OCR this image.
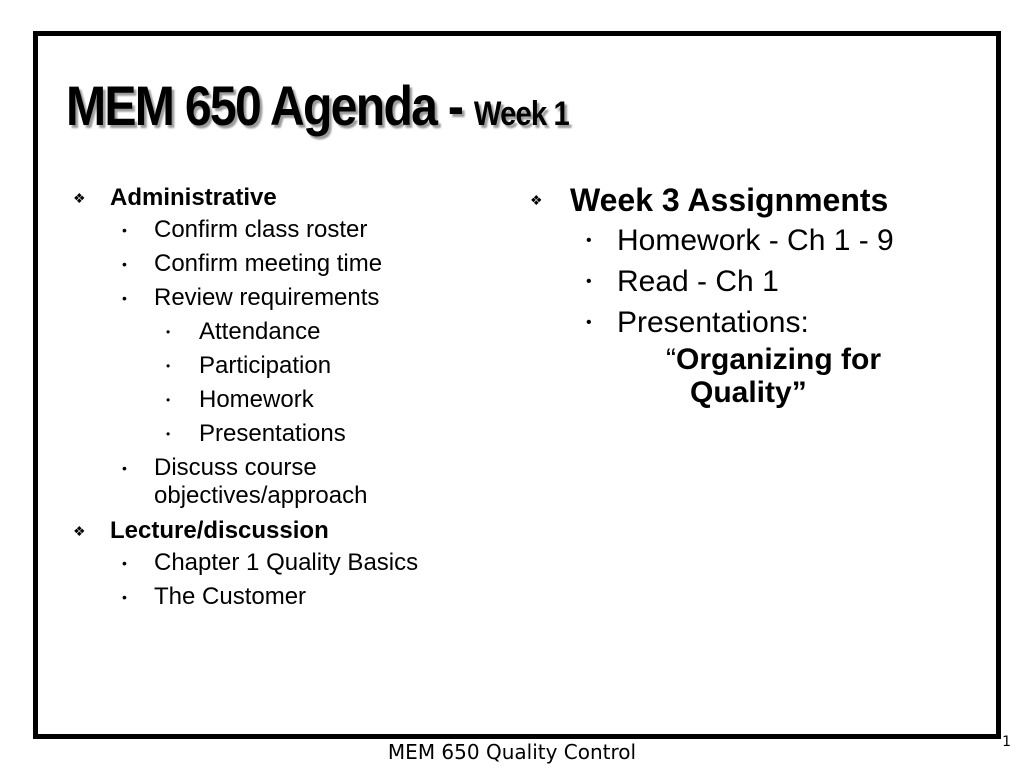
MEM 650 Agenda - Week 1
❖ Administrative
• Confirm class roster
• Confirm meeting time
• Review requirements
• Attendance
• Participation
• Homework
• Presentations
• Discuss course
objectives/approach
❖ Lecture/discussion
• Chapter 1 Quality Basics
• The Customer
❖ Week 3 Assignments
• Homework - Ch 1 - 9
• Read - Ch 1
• Presentations:
“Organizing for
Quality”
MEM 650 Quality Control	1
